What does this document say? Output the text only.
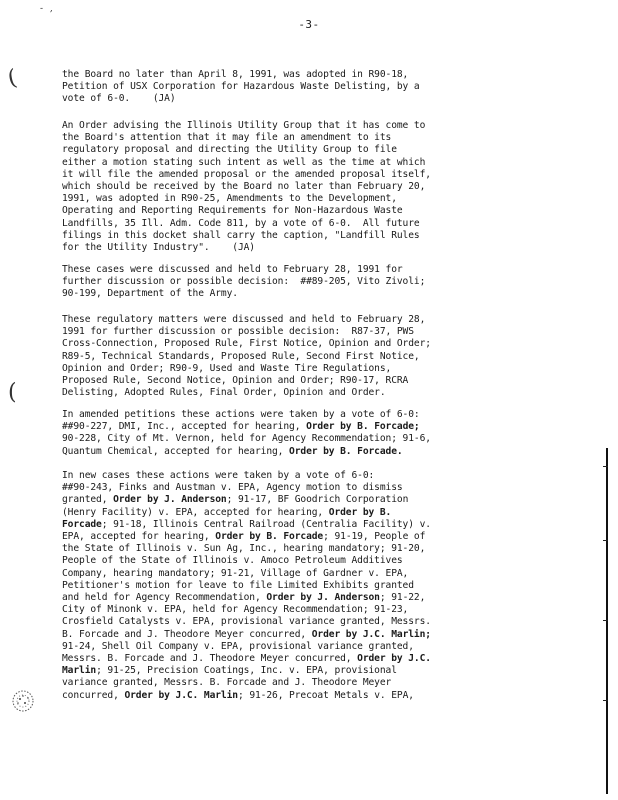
- ,
-3-
(
(
the Board no later than April 8, 1991, was adopted in R90-18,
Petition of USX Corporation for Hazardous Waste Delisting, by a
vote of 6-0.    (JA)
An Order advising the Illinois Utility Group that it has come to
the Board's attention that it may file an amendment to its
regulatory proposal and directing the Utility Group to file
either a motion stating such intent as well as the time at which
it will file the amended proposal or the amended proposal itself,
which should be received by the Board no later than February 20,
1991, was adopted in R90-25, Amendments to the Development,
Operating and Reporting Requirements for Non-Hazardous Waste
Landfills, 35 Ill. Adm. Code 811, by a vote of 6-0.  All future
filings in this docket shall carry the caption, "Landfill Rules
for the Utility Industry".    (JA)
These cases were discussed and held to February 28, 1991 for
further discussion or possible decision:  ##89-205, Vito Zivoli;
90-199, Department of the Army.
These regulatory matters were discussed and held to February 28,
1991 for further discussion or possible decision:  R87-37, PWS
Cross-Connection, Proposed Rule, First Notice, Opinion and Order;
R89-5, Technical Standards, Proposed Rule, Second First Notice,
Opinion and Order; R90-9, Used and Waste Tire Regulations,
Proposed Rule, Second Notice, Opinion and Order; R90-17, RCRA
Delisting, Adopted Rules, Final Order, Opinion and Order.
In amended petitions these actions were taken by a vote of 6-0:
##90-227, DMI, Inc., accepted for hearing, Order by B. Forcade;
90-228, City of Mt. Vernon, held for Agency Recommendation; 91-6,
Quantum Chemical, accepted for hearing, Order by B. Forcade.
In new cases these actions were taken by a vote of 6-0:
##90-243, Finks and Austman v. EPA, Agency motion to dismiss
granted, Order by J. Anderson; 91-17, BF Goodrich Corporation
(Henry Facility) v. EPA, accepted for hearing, Order by B.
Forcade; 91-18, Illinois Central Railroad (Centralia Facility) v.
EPA, accepted for hearing, Order by B. Forcade; 91-19, People of
the State of Illinois v. Sun Ag, Inc., hearing mandatory; 91-20,
People of the State of Illinois v. Amoco Petroleum Additives
Company, hearing mandatory; 91-21, Village of Gardner v. EPA,
Petitioner's motion for leave to file Limited Exhibits granted
and held for Agency Recommendation, Order by J. Anderson; 91-22,
City of Minonk v. EPA, held for Agency Recommendation; 91-23,
Crosfield Catalysts v. EPA, provisional variance granted, Messrs.
B. Forcade and J. Theodore Meyer concurred, Order by J.C. Marlin;
91-24, Shell Oil Company v. EPA, provisional variance granted,
Messrs. B. Forcade and J. Theodore Meyer concurred, Order by J.C.
Marlin; 91-25, Precision Coatings, Inc. v. EPA, provisional
variance granted, Messrs. B. Forcade and J. Theodore Meyer
concurred, Order by J.C. Marlin; 91-26, Precoat Metals v. EPA,
